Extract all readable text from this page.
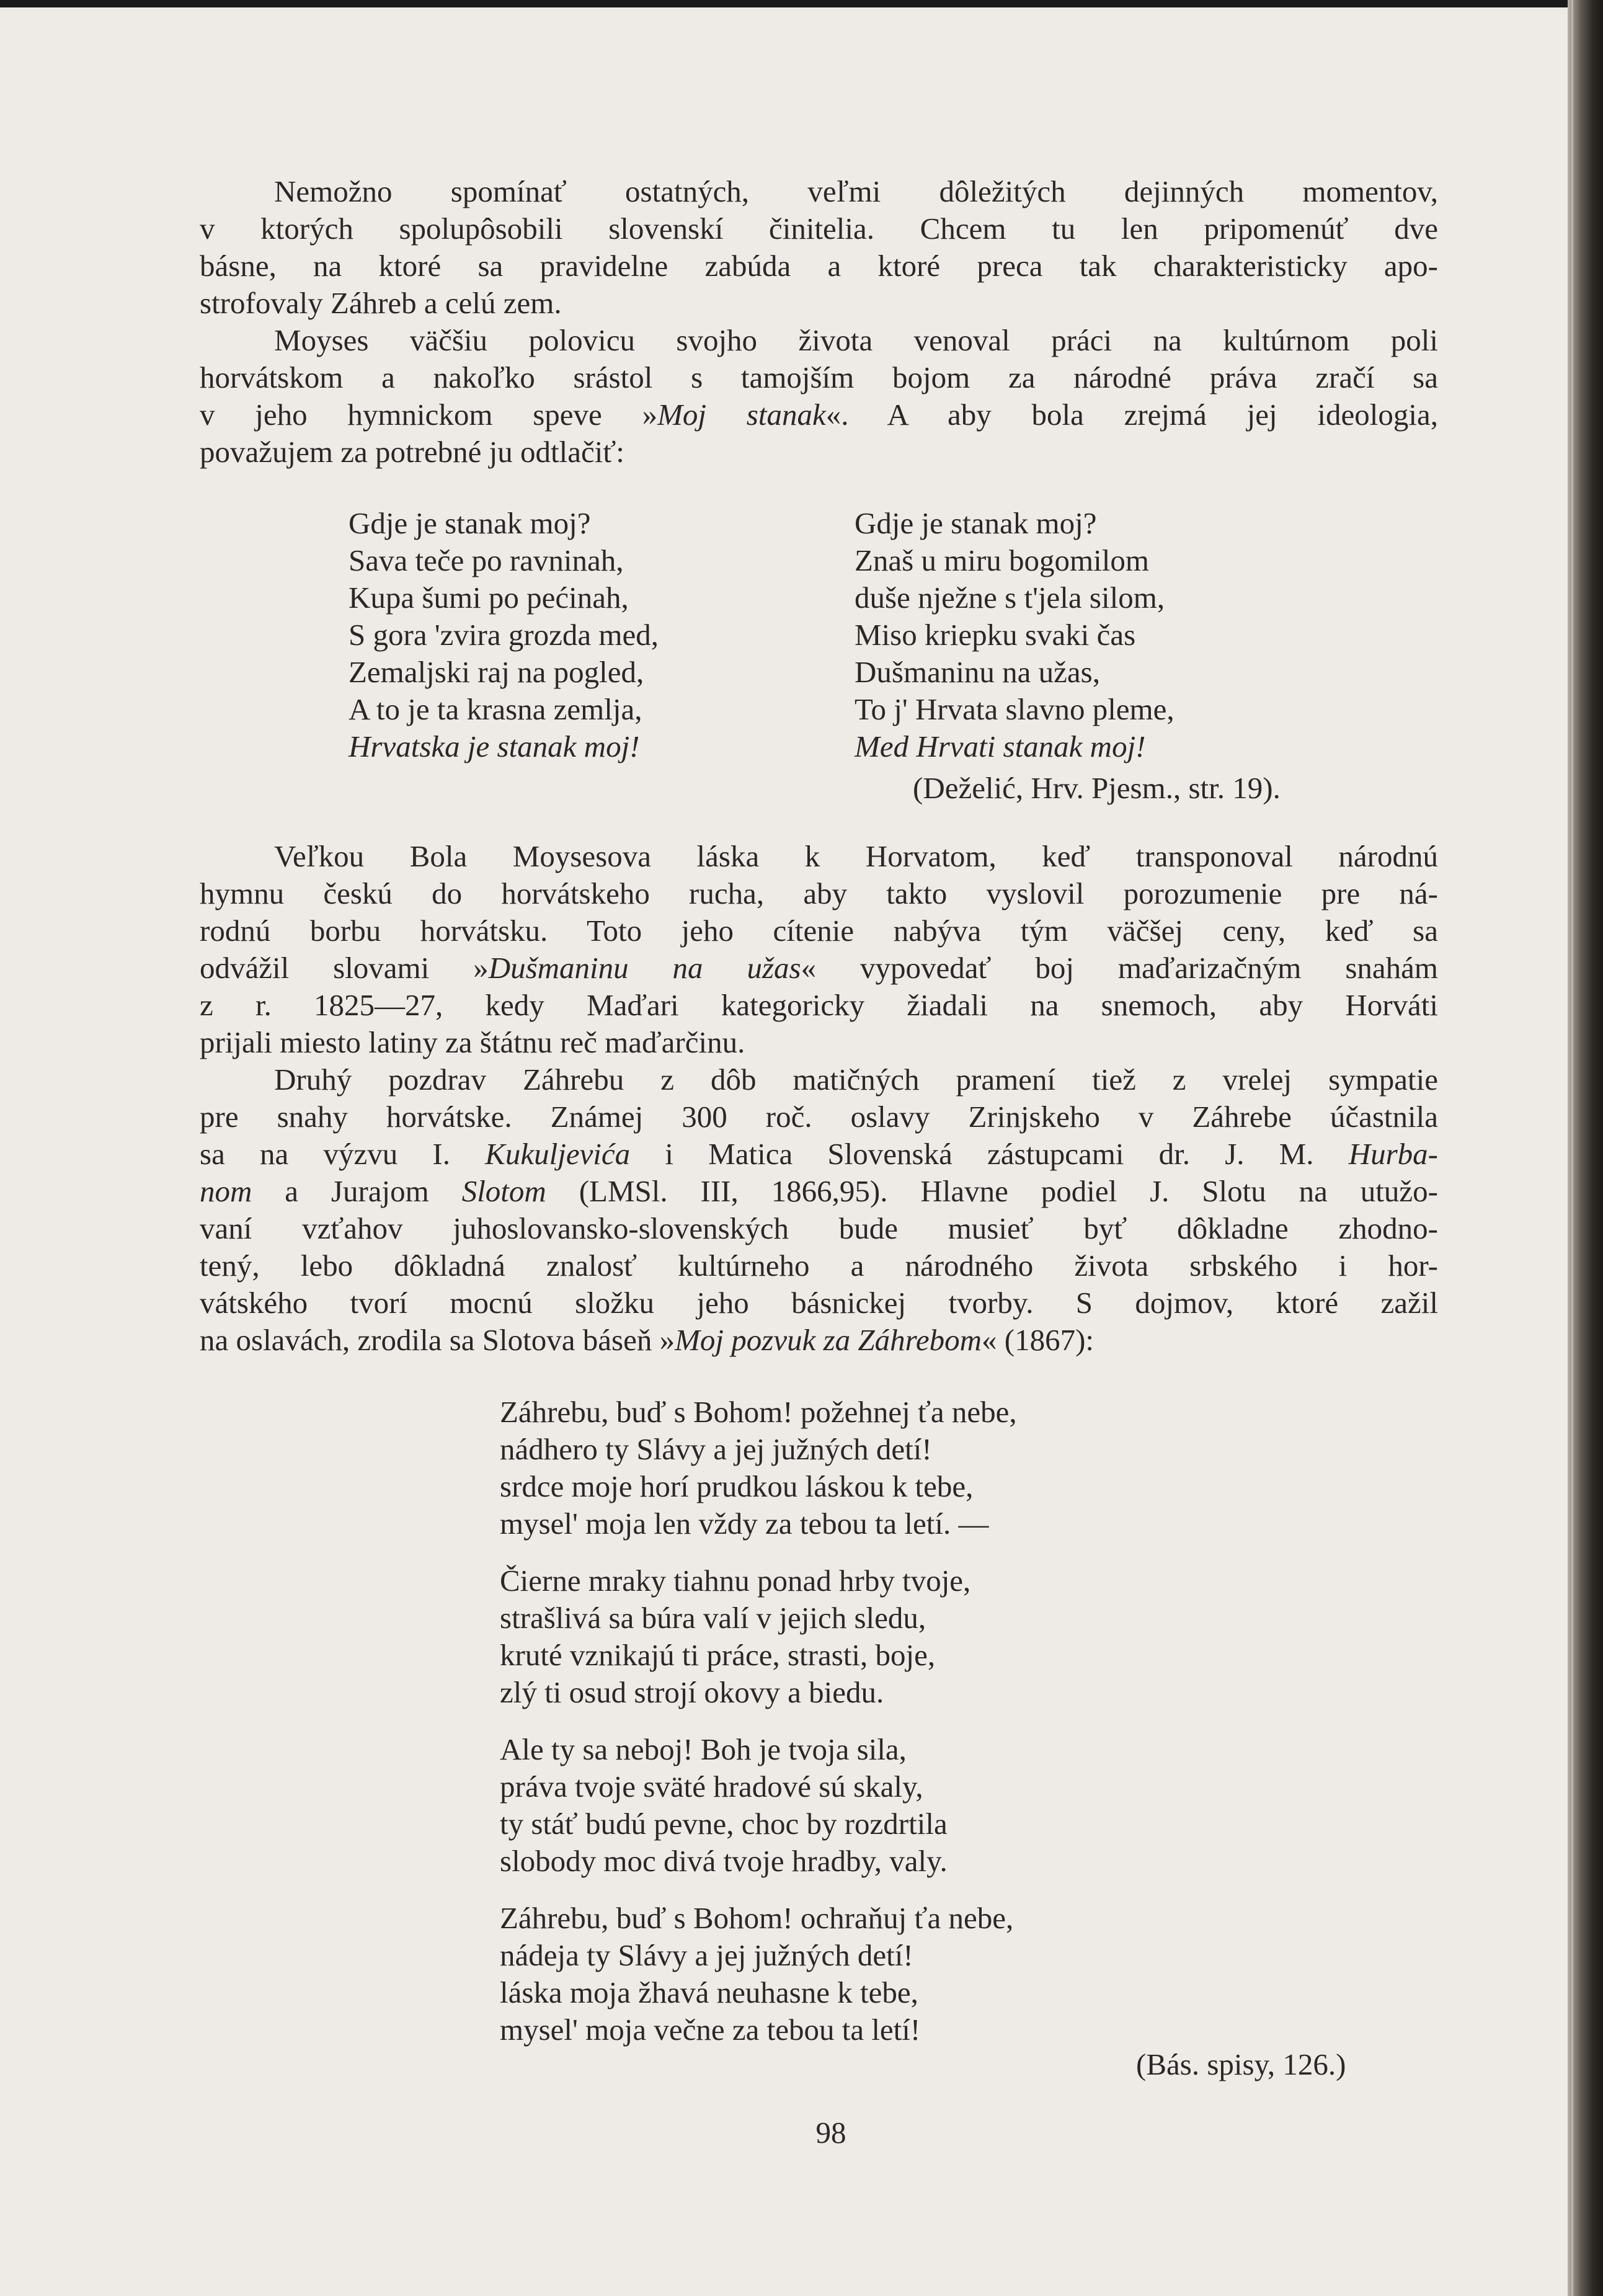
Nemožno spomínať ostatných, veľmi dôležitých dejinných momentov,
v ktorých spolupôsobili slovenskí činitelia. Chcem tu len pripomenúť dve
básne, na ktoré sa pravidelne zabúda a ktoré preca tak charakteristicky apo-
strofovaly Záhreb a celú zem.
Moyses väčšiu polovicu svojho života venoval práci na kultúrnom poli
horvátskom a nakoľko srástol s tamojším bojom za národné práva zračí sa
v jeho hymnickom speve »Moj stanak«. A aby bola zrejmá jej ideologia,
považujem za potrebné ju odtlačiť:
Gdje je stanak moj?
Sava teče po ravninah,
Kupa šumi po pećinah,
S gora 'zvira grozda med,
Zemaljski raj na pogled,
A to je ta krasna zemlja,
Hrvatska je stanak moj!
Gdje je stanak moj?
Znaš u miru bogomilom
duše nježne s t'jela silom,
Miso kriepku svaki čas
Dušmaninu na užas,
To j' Hrvata slavno pleme,
Med Hrvati stanak moj!
(Deželić, Hrv. Pjesm., str. 19).
Veľkou Bola Moysesova láska k Horvatom, keď transponoval národnú
hymnu českú do horvátskeho rucha, aby takto vyslovil porozumenie pre ná-
rodnú borbu horvátsku. Toto jeho cítenie nabýva tým väčšej ceny, keď sa
odvážil slovami »Dušmaninu na užas« vypovedať boj maďarizačným snahám
z r. 1825—27, kedy Maďari kategoricky žiadali na snemoch, aby Horváti
prijali miesto latiny za štátnu reč maďarčinu.
Druhý pozdrav Záhrebu z dôb matičných pramení tiež z vrelej sympatie
pre snahy horvátske. Známej 300 roč. oslavy Zrinjskeho v Záhrebe účastnila
sa na výzvu I. Kukuljevića i Matica Slovenská zástupcami dr. J. M. Hurba-
nom a Jurajom Slotom (LMSl. III, 1866,95). Hlavne podiel J. Slotu na utužo-
vaní vzťahov juhoslovansko-slovenských bude musieť byť dôkladne zhodno-
tený, lebo dôkladná znalosť kultúrneho a národného života srbského i hor-
vátského tvorí mocnú složku jeho básnickej tvorby. S dojmov, ktoré zažil
na oslavách, zrodila sa Slotova báseň »Moj pozvuk za Záhrebom« (1867):
Záhrebu, buď s Bohom! požehnej ťa nebe,
nádhero ty Slávy a jej južných detí!
srdce moje horí prudkou láskou k tebe,
mysel' moja len vždy za tebou ta letí. —
Čierne mraky tiahnu ponad hrby tvoje,
strašlivá sa búra valí v jejich sledu,
kruté vznikajú ti práce, strasti, boje,
zlý ti osud strojí okovy a biedu.
Ale ty sa neboj! Boh je tvoja sila,
práva tvoje sväté hradové sú skaly,
ty stáť budú pevne, choc by rozdrtila
slobody moc divá tvoje hradby, valy.
Záhrebu, buď s Bohom! ochraňuj ťa nebe,
nádeja ty Slávy a jej južných detí!
láska moja žhavá neuhasne k tebe,
mysel' moja večne za tebou ta letí!
(Bás. spisy, 126.)
98
